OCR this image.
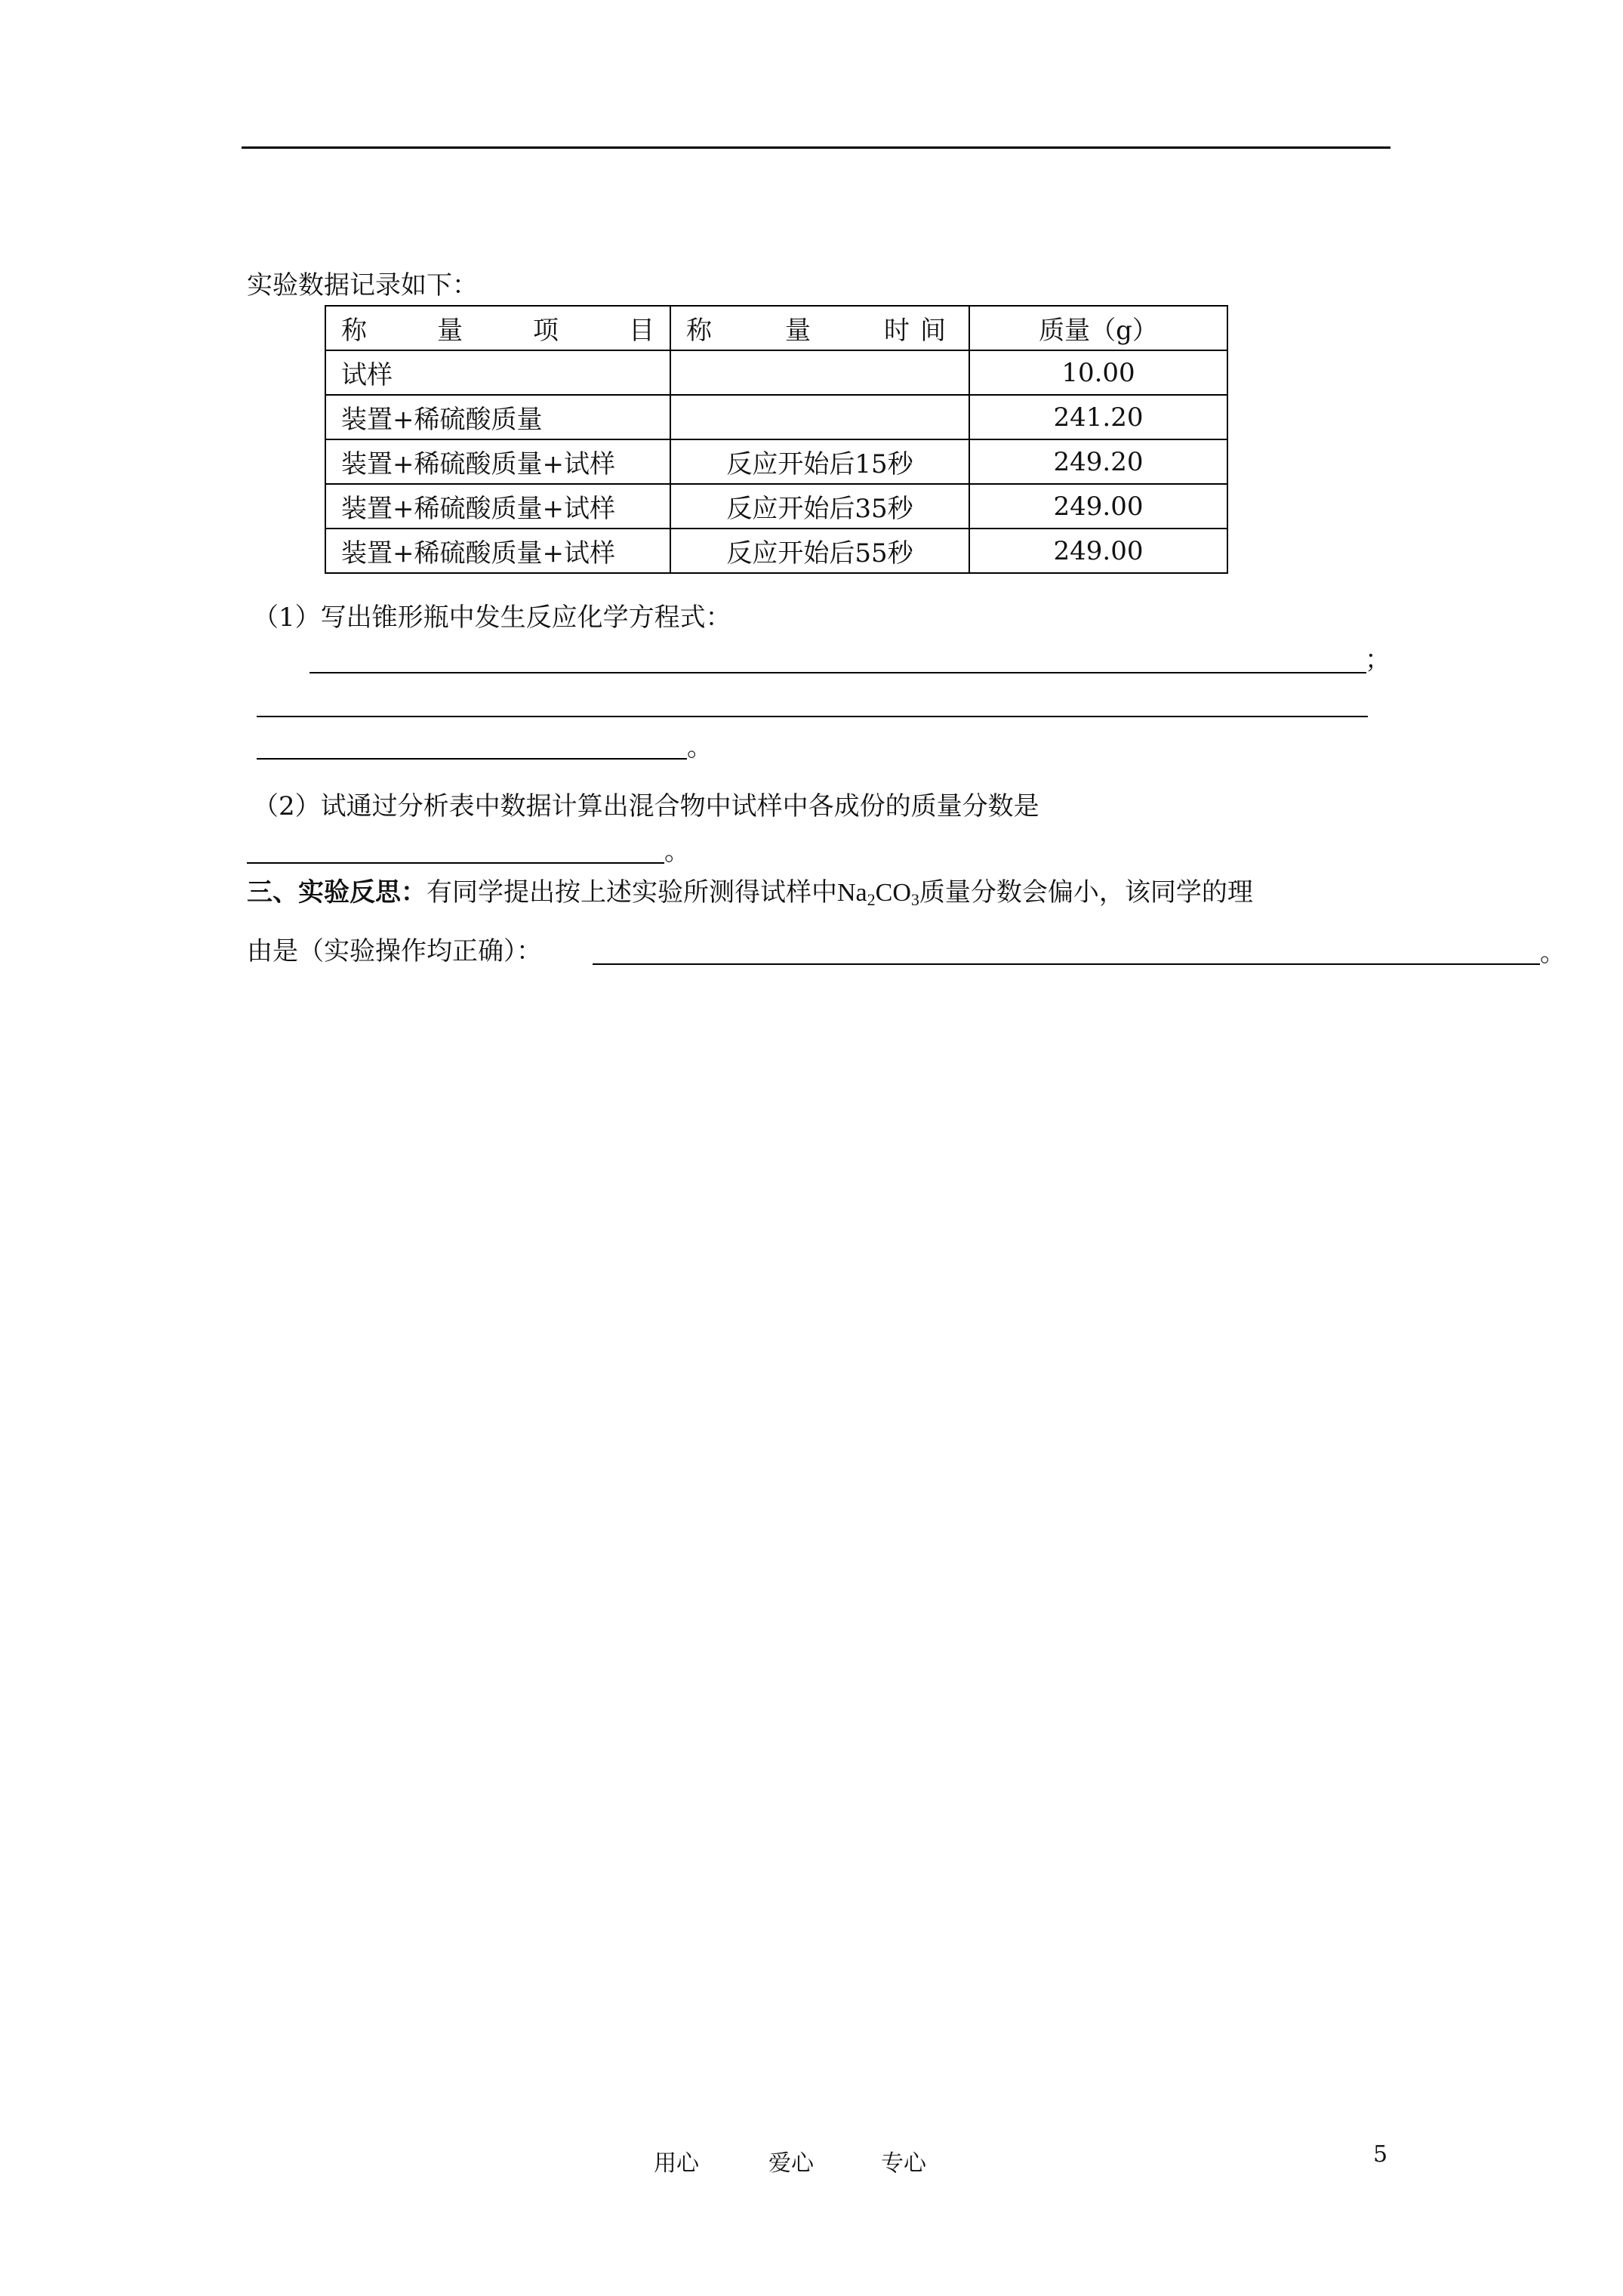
实验数据记录如下：
称 量 项 目	称 量 时 间	质量（g）
试样		10.00
装置+稀硫酸质量		241.20
装置+稀硫酸质量+试样	反应开始后15秒	249.20
装置+稀硫酸质量+试样	反应开始后35秒	249.00
装置+稀硫酸质量+试样	反应开始后55秒	249.00
（1）写出锥形瓶中发生反应化学方程式：
；
。
（2）试通过分析表中数据计算出混合物中试样中各成份的质量分数是
。
三、实验反思：有同学提出按上述实验所测得试样中$Na_2CO_3$质量分数会偏小，该同学的理
由是（实验操作均正确）：	。
用心	爱心	专心	5
